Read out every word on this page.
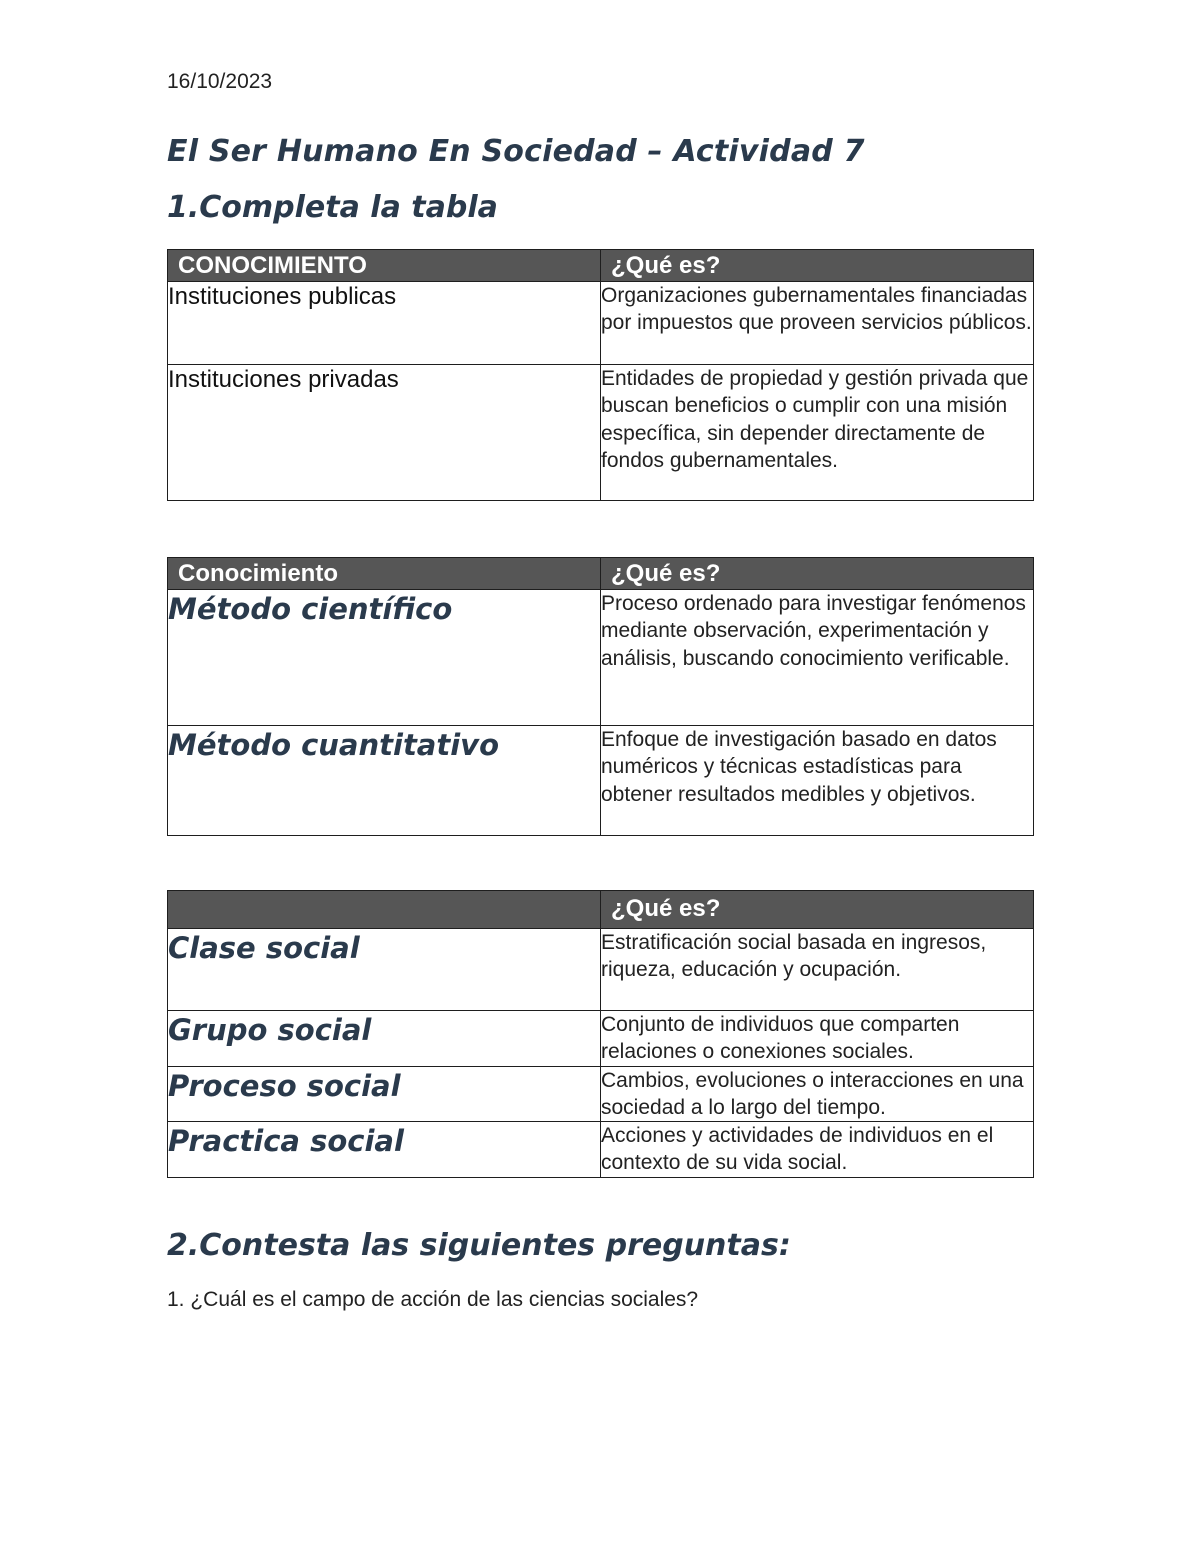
16/10/2023
El Ser Humano En Sociedad – Actividad 7
1.Completa la tabla
CONOCIMIENTO	¿Qué es?
Instituciones publicas	Organizaciones gubernamentales financiadas por impuestos que proveen servicios públicos.
Instituciones privadas	Entidades de propiedad y gestión privada que buscan beneficios o cumplir con una misión específica, sin depender directamente de fondos gubernamentales.
Conocimiento	¿Qué es?
Método científico	Proceso ordenado para investigar fenómenos mediante observación, experimentación y análisis, buscando conocimiento verificable.
Método cuantitativo	Enfoque de investigación basado en datos numéricos y técnicas estadísticas para obtener resultados medibles y objetivos.
	¿Qué es?
Clase social	Estratificación social basada en ingresos, riqueza, educación y ocupación.
Grupo social	Conjunto de individuos que comparten relaciones o conexiones sociales.
Proceso social	Cambios, evoluciones o interacciones en una sociedad a lo largo del tiempo.
Practica social	Acciones y actividades de individuos en el contexto de su vida social.
2.Contesta las siguientes preguntas:
1. ¿Cuál es el campo de acción de las ciencias sociales?
